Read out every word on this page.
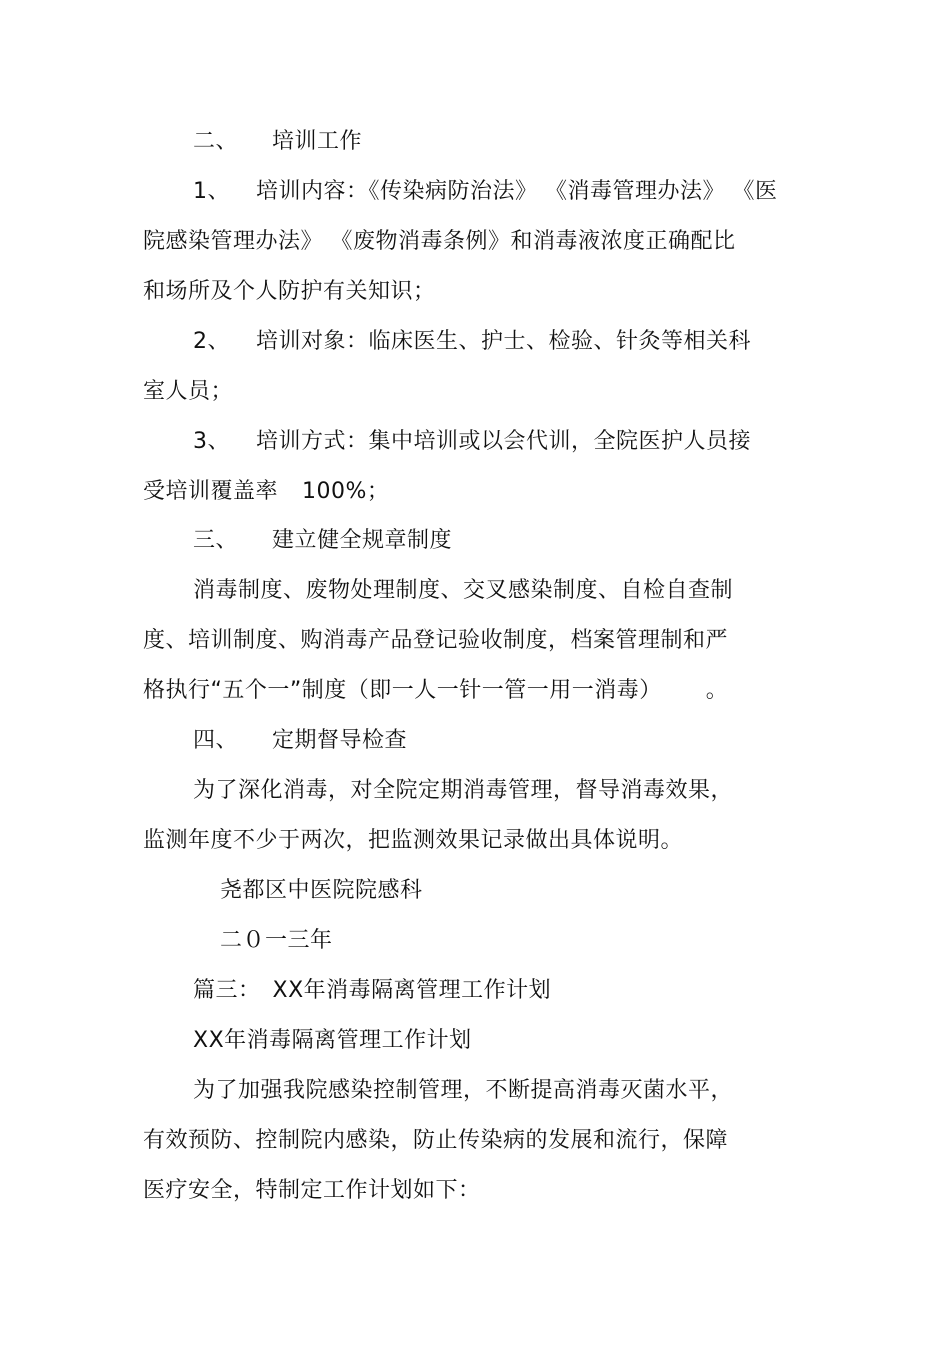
二、 培训工作
1、 培训内容：《传染病防治法》 《消毒管理办法》 《医
院感染管理办法》 《废物消毒条例》和消毒液浓度正确配比
和场所及个人防护有关知识；
2、 培训对象：临床医生、护士、检验、针灸等相关科
室人员；
3、 培训方式：集中培训或以会代训，全院医护人员接
受培训覆盖率 100%；
三、 建立健全规章制度
消毒制度、废物处理制度、交叉感染制度、自检自查制
度、培训制度、购消毒产品登记验收制度，档案管理制和严
格执行“五个一”制度（即一人一针一管一用一消毒） 。
四、 定期督导检查
为了深化消毒，对全院定期消毒管理，督导消毒效果，
监测年度不少于两次，把监测效果记录做出具体说明。
尧都区中医院院感科
二０一三年
篇三： XX年消毒隔离管理工作计划
XX年消毒隔离管理工作计划
为了加强我院感染控制管理，不断提高消毒灭菌水平，
有效预防、控制院内感染，防止传染病的发展和流行，保障
医疗安全，特制定工作计划如下：
